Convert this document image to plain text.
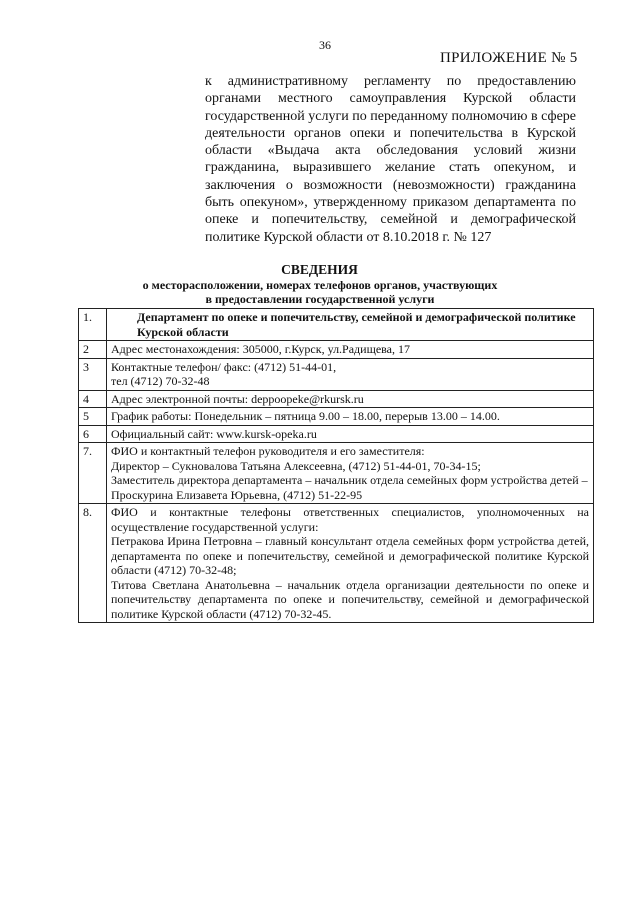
36
ПРИЛОЖЕНИЕ № 5

к административному регламенту по предоставлению органами местного самоуправления Курской области государственной услуги по переданному полномочию в сфере деятельности органов опеки и попечительства в Курской области «Выдача акта обследования условий жизни гражданина, выразившего желание стать опекуном, и заключения о возможности (невозможности) гражданина быть опекуном», утвержденному приказом департамента по опеке и попечительству, семейной и демографической политике Курской области от 8.10.2018 г. № 127

СВЕДЕНИЯ

о месторасположении, номерах телефонов органов, участвующих
в предоставлении государственной услуги

1.	Департамент по опеке и попечительству, семейной и демографической политике Курской области
2	Адрес местонахождения: 305000, г.Курск, ул.Радищева, 17
3	Контактные телефон/ факс: (4712) 51-44-01,
тел (4712) 70-32-48

4	Адрес электронной почты: deppoopeke@rkursk.ru
5	График работы: Понедельник – пятница 9.00 – 18.00, перерыв 13.00 – 14.00.
6	Официальный сайт: www.kursk-opeka.ru
7.	ФИО и контактный телефон руководителя и его заместителя:
Директор – Сукновалова Татьяна Алексеевна, (4712) 51-44-01, 70-34-15;
Заместитель директора департамента – начальник отдела семейных форм устройства детей – Проскурина Елизавета Юрьевна, (4712) 51-22-95

8.	ФИО и контактные телефоны ответственных специалистов, уполномоченных на осуществление государственной услуги:
Петракова Ирина Петровна – главный консультант отдела семейных форм устройства детей, департамента по опеке и попечительству, семейной и демографической политике Курской области (4712) 70-32-48;
Титова Светлана Анатольевна – начальник отдела организации деятельности по опеке и попечительству департамента по опеке и попечительству, семейной и демографической политике Курской области (4712) 70-32-45.
